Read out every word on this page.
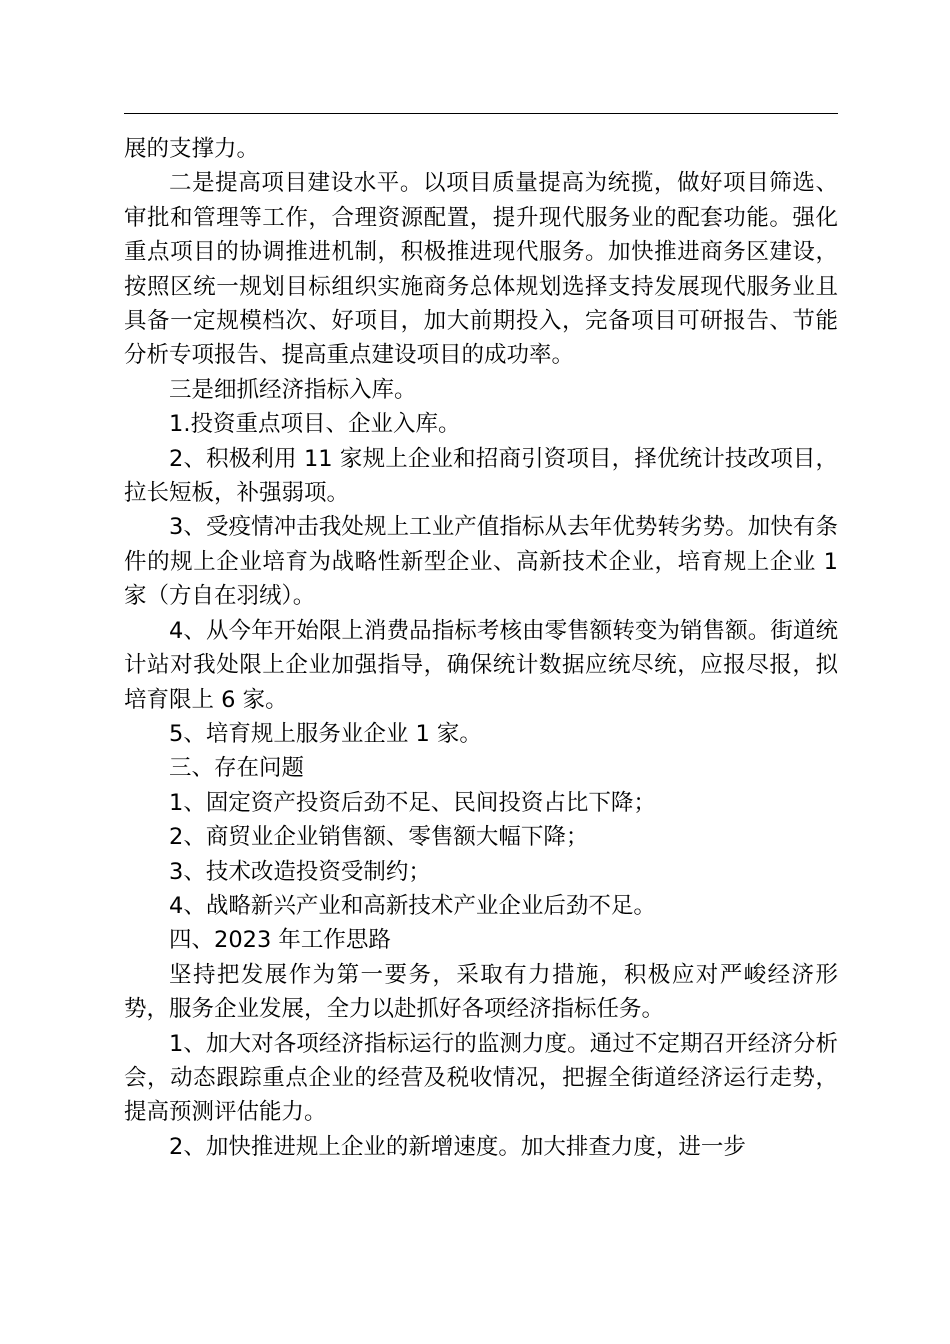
展的支撑力。

二是提高项目建设水平。以项目质量提高为统揽，做好项目筛选、审批和管理等工作，合理资源配置，提升现代服务业的配套功能。强化重点项目的协调推进机制，积极推进现代服务。加快推进商务区建设，按照区统一规划目标组织实施商务总体规划选择支持发展现代服务业且具备一定规模档次、好项目，加大前期投入，完备项目可研报告、节能分析专项报告、提高重点建设项目的成功率。

三是细抓经济指标入库。

1.投资重点项目、企业入库。

2、积极利用 11 家规上企业和招商引资项目，择优统计技改项目，拉长短板，补强弱项。

3、受疫情冲击我处规上工业产值指标从去年优势转劣势。加快有条件的规上企业培育为战略性新型企业、高新技术企业，培育规上企业 1 家（方自在羽绒）。

4、从今年开始限上消费品指标考核由零售额转变为销售额。街道统计站对我处限上企业加强指导，确保统计数据应统尽统，应报尽报，拟培育限上 6 家。

5、培育规上服务业企业 1 家。

三、存在问题

1、固定资产投资后劲不足、民间投资占比下降；

2、商贸业企业销售额、零售额大幅下降；

3、技术改造投资受制约；

4、战略新兴产业和高新技术产业企业后劲不足。

四、2023 年工作思路

坚持把发展作为第一要务，采取有力措施，积极应对严峻经济形势，服务企业发展，全力以赴抓好各项经济指标任务。

1、加大对各项经济指标运行的监测力度。通过不定期召开经济分析会，动态跟踪重点企业的经营及税收情况，把握全街道经济运行走势，提高预测评估能力。

2、加快推进规上企业的新增速度。加大排查力度，进一步
